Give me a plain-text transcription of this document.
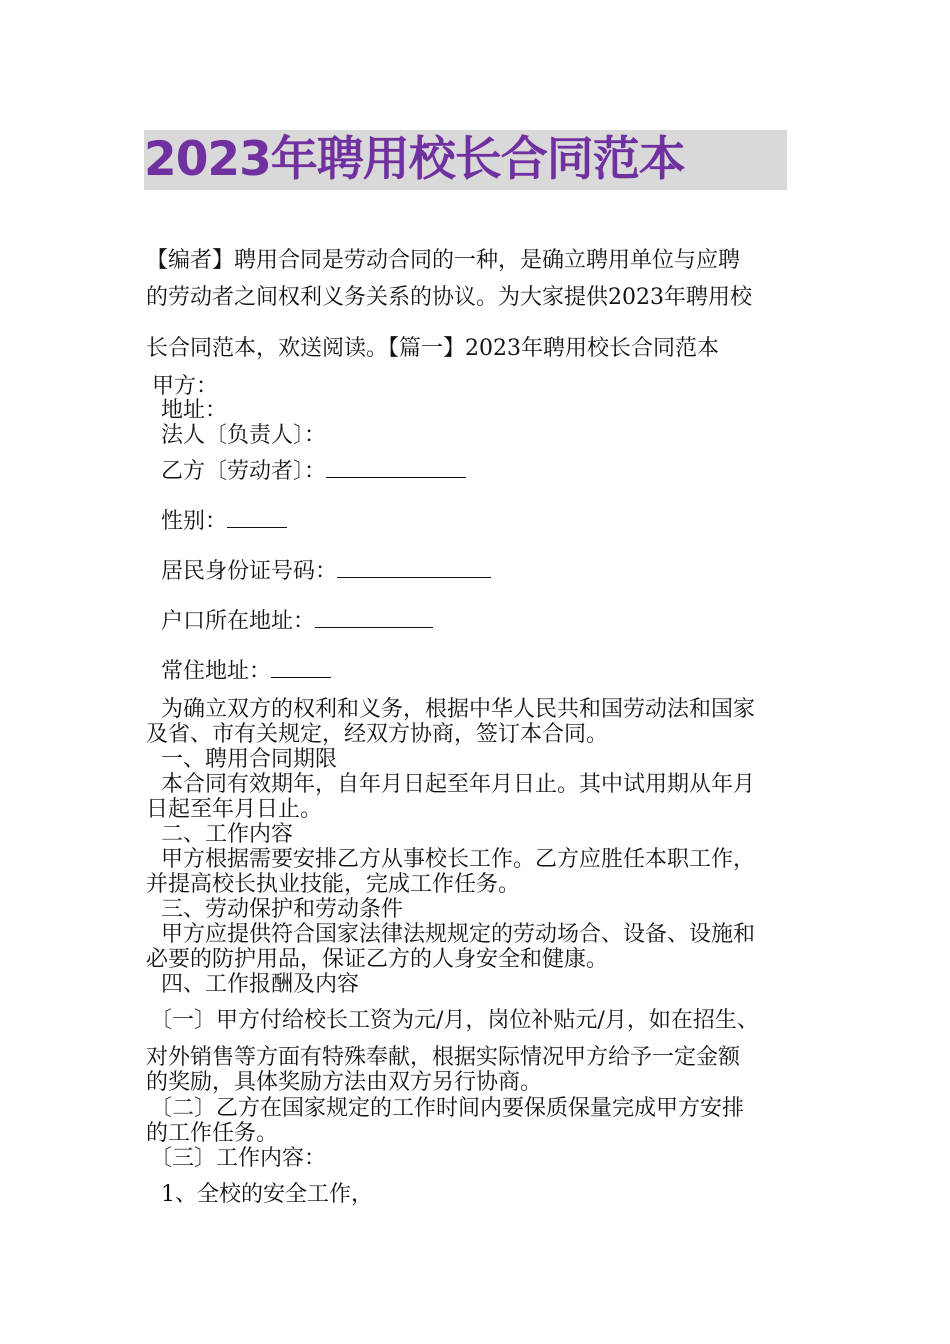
2023年聘用校长合同范本
【编者】聘用合同是劳动合同的一种，是确立聘用单位与应聘
的劳动者之间权利义务关系的协议。为大家提供2023年聘用校
长合同范本，欢送阅读。【篇一】2023年聘用校长合同范本
甲方：
地址：
法人〔负责人〕：
乙方〔劳动者〕：
性别：
居民身份证号码：
户口所在地址：
常住地址：
为确立双方的权利和义务，根据中华人民共和国劳动法和国家
及省、市有关规定，经双方协商，签订本合同。
一、聘用合同期限
本合同有效期年，自年月日起至年月日止。其中试用期从年月
日起至年月日止。
二、工作内容
甲方根据需要安排乙方从事校长工作。乙方应胜任本职工作，
并提高校长执业技能，完成工作任务。
三、劳动保护和劳动条件
甲方应提供符合国家法律法规规定的劳动场合、设备、设施和
必要的防护用品，保证乙方的人身安全和健康。
四、工作报酬及内容
〔一〕甲方付给校长工资为元/月，岗位补贴元/月，如在招生、
对外销售等方面有特殊奉献，根据实际情况甲方给予一定金额
的奖励，具体奖励方法由双方另行协商。
〔二〕乙方在国家规定的工作时间内要保质保量完成甲方安排
的工作任务。
〔三〕工作内容：
1、全校的安全工作，
